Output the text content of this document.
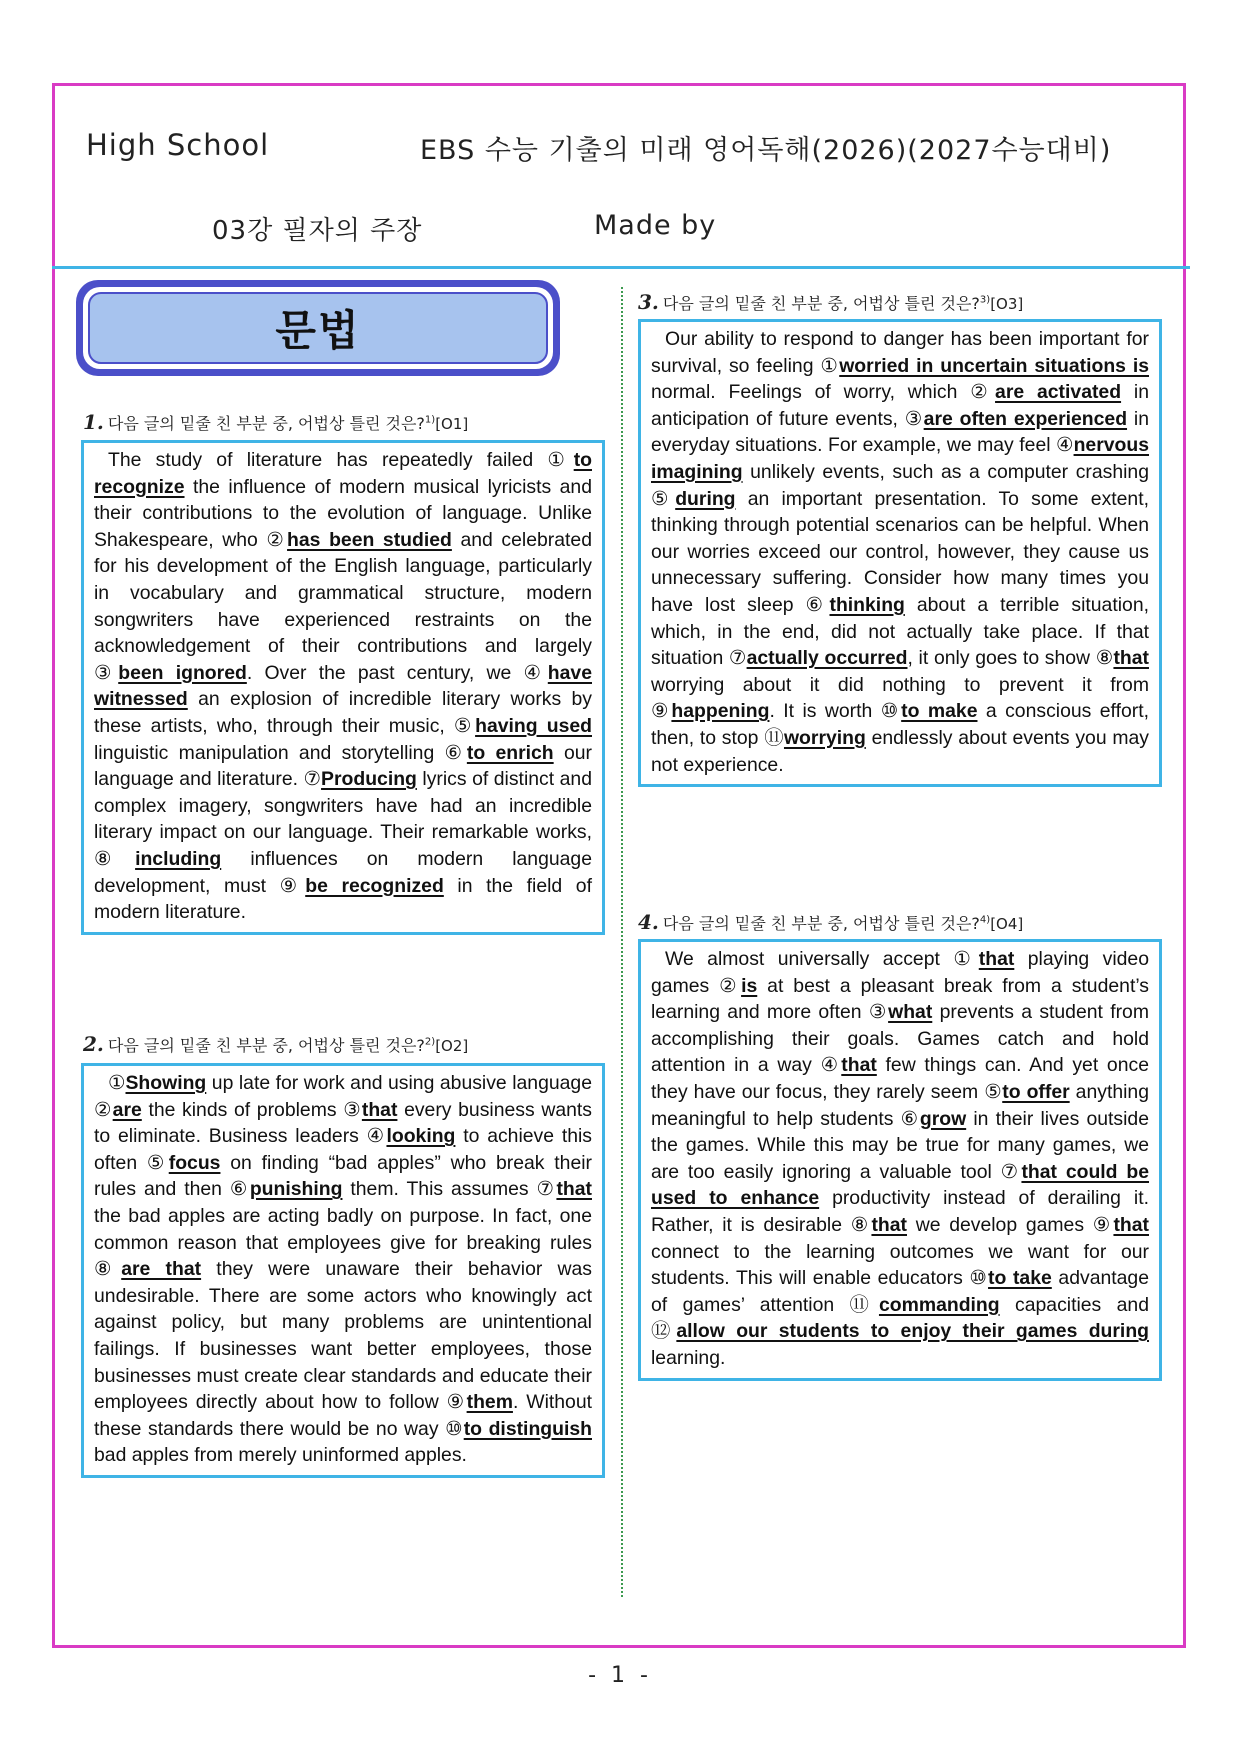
High School	EBS 수능 기출의 미래 영어독해(2026)(2027수능대비)
03강 필자의 주장	Made by
문법
1. 다음 글의 밑줄 친 부분 중, 어법상 틀린 것은?$^{1)}$[O1]
The study of literature has repeatedly failed ①to recognize the influence of modern musical lyricists and their contributions to the evolution of language. Unlike Shakespeare, who ②has been studied and celebrated for his development of the English language, particularly in vocabulary and grammatical structure, modern songwriters have experienced restraints on the acknowledgement of their contributions and largely ③been ignored. Over the past century, we ④have witnessed an explosion of incredible literary works by these artists, who, through their music, ⑤having used linguistic manipulation and storytelling ⑥to enrich our language and literature. ⑦Producing lyrics of distinct and complex imagery, songwriters have had an incredible literary impact on our language. Their remarkable works, ⑧including influences on modern language development, must ⑨be recognized in the field of modern literature.
2. 다음 글의 밑줄 친 부분 중, 어법상 틀린 것은?$^{2)}$[O2]
①Showing up late for work and using abusive language ②are the kinds of problems ③that every business wants to eliminate. Business leaders ④looking to achieve this often ⑤focus on finding “bad apples” who break their rules and then ⑥punishing them. This assumes ⑦that the bad apples are acting badly on purpose. In fact, one common reason that employees give for breaking rules ⑧are that they were unaware their behavior was undesirable. There are some actors who knowingly act against policy, but many problems are unintentional failings. If businesses want better employees, those businesses must create clear standards and educate their employees directly about how to follow ⑨them. Without these standards there would be no way ⑩to distinguish bad apples from merely uninformed apples.
3. 다음 글의 밑줄 친 부분 중, 어법상 틀린 것은?$^{3)}$[O3]
Our ability to respond to danger has been important for survival, so feeling ①worried in uncertain situations is normal. Feelings of worry, which ②are activated in anticipation of future events, ③are often experienced in everyday situations. For example, we may feel ④nervous imagining unlikely events, such as a computer crashing ⑤during an important presentation. To some extent, thinking through potential scenarios can be helpful. When our worries exceed our control, however, they cause us unnecessary suffering. Consider how many times you have lost sleep ⑥thinking about a terrible situation, which, in the end, did not actually take place. If that situation ⑦actually occurred, it only goes to show ⑧that worrying about it did nothing to prevent it from ⑨happening. It is worth ⑩to make a conscious effort, then, to stop ⑪worrying endlessly about events you may not experience.
4. 다음 글의 밑줄 친 부분 중, 어법상 틀린 것은?$^{4)}$[O4]
We almost universally accept ①that playing video games ②is at best a pleasant break from a student’s learning and more often ③what prevents a student from accomplishing their goals. Games catch and hold attention in a way ④that few things can. And yet once they have our focus, they rarely seem ⑤to offer anything meaningful to help students ⑥grow in their lives outside the games. While this may be true for many games, we are too easily ignoring a valuable tool ⑦that could be used to enhance productivity instead of derailing it. Rather, it is desirable ⑧that we develop games ⑨that connect to the learning outcomes we want for our students. This will enable educators ⑩to take advantage of games’ attention ⑪commanding capacities and ⑫allow our students to enjoy their games during learning.
- 1 -
